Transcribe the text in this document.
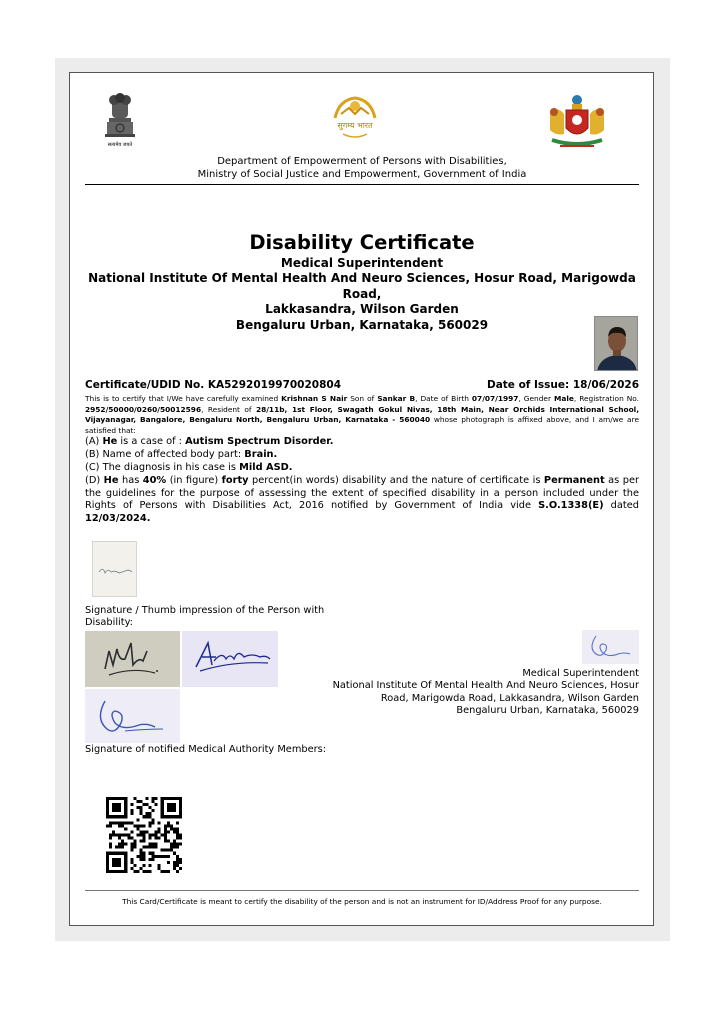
सत्यमेव जयते
सुगम्य भारत
Department of Empowerment of Persons with Disabilities,
Ministry of Social Justice and Empowerment, Government of India
Disability Certificate
Medical Superintendent
National Institute Of Mental Health And Neuro Sciences, Hosur Road, Marigowda Road,
Lakkasandra, Wilson Garden
Bengaluru Urban, Karnataka, 560029
Certificate/UDID No. KA5292019970020804	Date of Issue: 18/06/2026
This is to certify that I/We have carefully examined Krishnan S Nair Son of Sankar B, Date of Birth 07/07/1997, Gender Male, Registration No. 2952/50000/0260/50012596, Resident of 28/11b, 1st Floor, Swagath Gokul Nivas, 18th Main, Near Orchids International School, Vijayanagar, Bangalore, Bengaluru North, Bengaluru Urban, Karnataka - 560040 whose photograph is affixed above, and I am/we are satisfied that:
(A) He is a case of : Autism Spectrum Disorder.
(B) Name of affected body part: Brain.
(C) The diagnosis in his case is Mild ASD.
(D) He has 40% (in figure) forty percent(in words) disability and the nature of certificate is Permanent as per the guidelines for the purpose of assessing the extent of specified disability in a person included under the Rights of Persons with Disabilities Act, 2016 notified by Government of India vide S.O.1338(E) dated 12/03/2024.
Signature / Thumb impression of the Person with Disability:
Medical Superintendent
National Institute Of Mental Health And Neuro Sciences, Hosur
Road, Marigowda Road, Lakkasandra, Wilson Garden
Bengaluru Urban, Karnataka, 560029
Signature of notified Medical Authority Members:
This Card/Certificate is meant to certify the disability of the person and is not an instrument for ID/Address Proof for any purpose.
